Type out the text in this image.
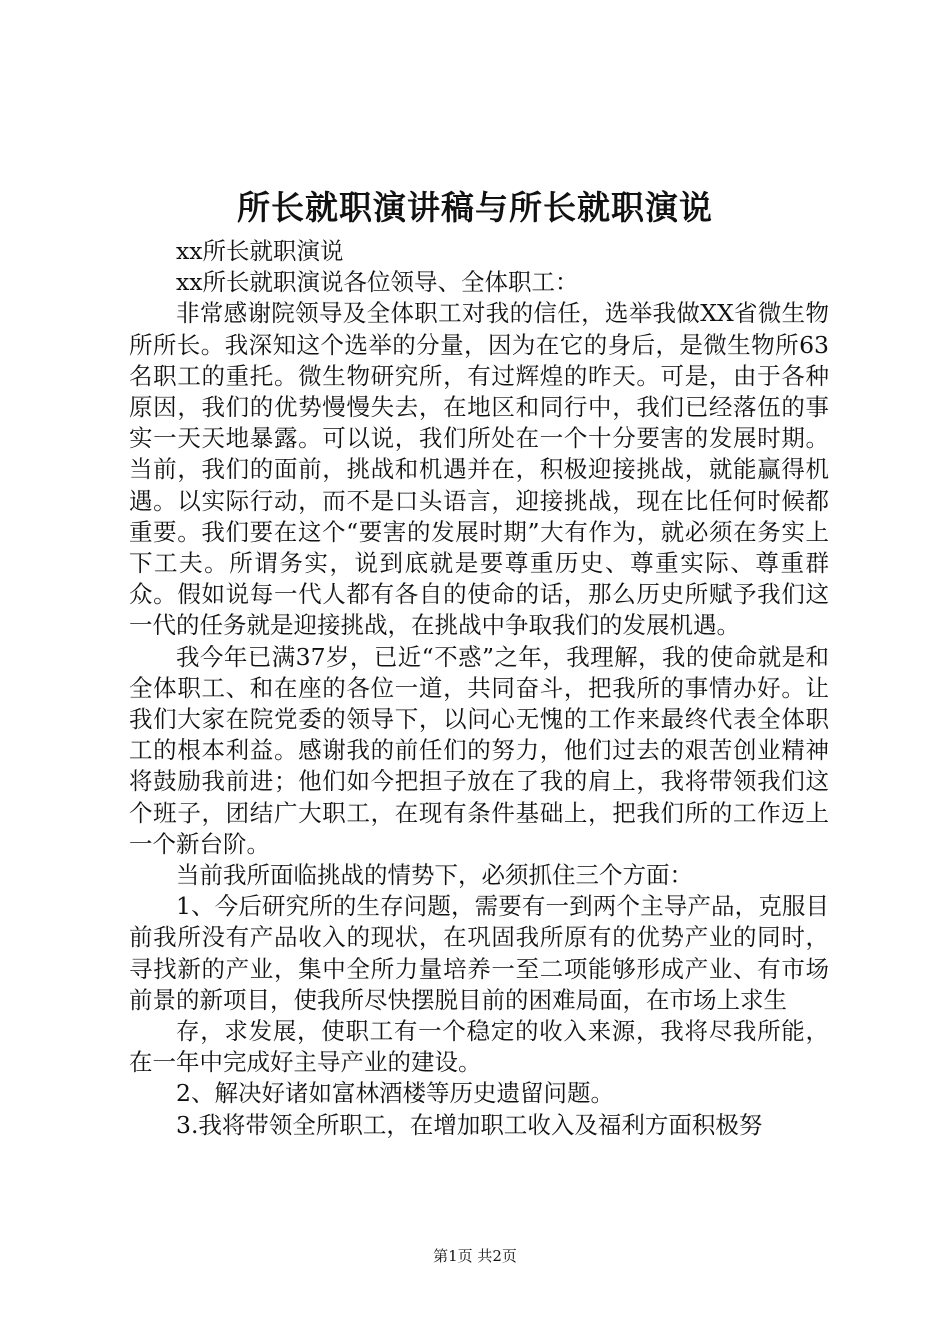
所长就职演讲稿与所长就职演说

xx所长就职演说

xx所长就职演说各位领导、全体职工：

非常感谢院领导及全体职工对我的信任，选举我做XX省微生物所所长。我深知这个选举的分量，因为在它的身后，是微生物所63名职工的重托。微生物研究所，有过辉煌的昨天。可是，由于各种原因，我们的优势慢慢失去，在地区和同行中，我们已经落伍的事实一天天地暴露。可以说，我们所处在一个十分要害的发展时期。当前，我们的面前，挑战和机遇并在，积极迎接挑战，就能赢得机遇。以实际行动，而不是口头语言，迎接挑战，现在比任何时候都重要。我们要在这个“要害的发展时期”大有作为，就必须在务实上下工夫。所谓务实，说到底就是要尊重历史、尊重实际、尊重群众。假如说每一代人都有各自的使命的话，那么历史所赋予我们这一代的任务就是迎接挑战，在挑战中争取我们的发展机遇。

我今年已满37岁，已近“不惑”之年，我理解，我的使命就是和全体职工、和在座的各位一道，共同奋斗，把我所的事情办好。让我们大家在院党委的领导下，以问心无愧的工作来最终代表全体职工的根本利益。感谢我的前任们的努力，他们过去的艰苦创业精神将鼓励我前进；他们如今把担子放在了我的肩上，我将带领我们这个班子，团结广大职工，在现有条件基础上，把我们所的工作迈上一个新台阶。

当前我所面临挑战的情势下，必须抓住三个方面：

1、今后研究所的生存问题，需要有一到两个主导产品，克服目前我所没有产品收入的现状，在巩固我所原有的优势产业的同时，寻找新的产业，集中全所力量培养一至二项能够形成产业、有市场前景的新项目，使我所尽快摆脱目前的困难局面，在市场上求生

存，求发展，使职工有一个稳定的收入来源，我将尽我所能，在一年中完成好主导产业的建设。

2、解决好诸如富林酒楼等历史遗留问题。

3.我将带领全所职工，在增加职工收入及福利方面积极努

第1页 共2页
